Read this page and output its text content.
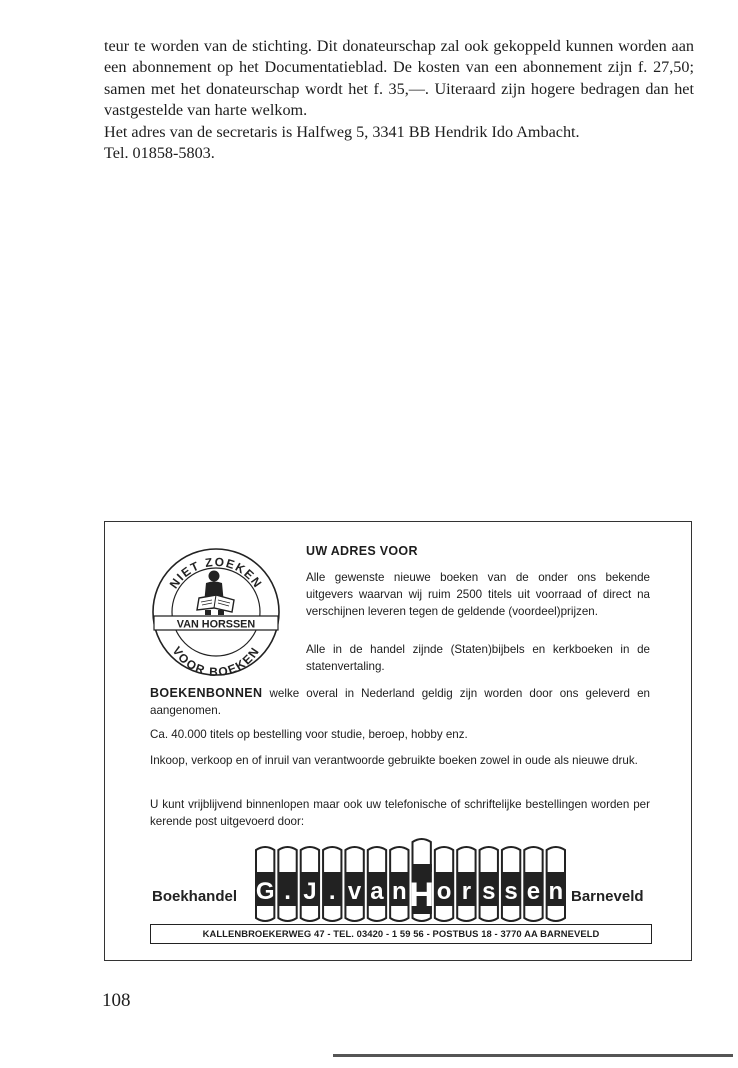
teur te worden van de stichting. Dit donateurschap zal ook gekoppeld kunnen worden aan een abonnement op het Documentatieblad. De kosten van een abonnement zijn f. 27,50; samen met het donateurschap wordt het f. 35,—. Uiteraard zijn hogere bedragen dan het vastgestelde van harte welkom.

Het adres van de secretaris is Halfweg 5, 3341 BB Hendrik Ido Ambacht.

Tel. 01858-5803.

NIET ZOEKEN
VOOR BOEKEN
VAN HORSSEN

UW ADRES VOOR

Alle gewenste nieuwe boeken van de onder ons bekende uitgevers waarvan wij ruim 2500 titels uit voorraad of direct na verschijnen leveren tegen de geldende (voordeel)prijzen.

Alle in de handel zijnde (Staten)bijbels en kerkboeken in de statenvertaling.

BOEKENBONNEN welke overal in Nederland geldig zijn worden door ons geleverd en aangenomen.

Ca. 40.000 titels op bestelling voor studie, beroep, hobby enz.

Inkoop, verkoop en of inruil van verantwoorde gebruikte boeken zowel in oude als nieuwe druk.

U kunt vrijblijvend binnenlopen maar ook uw telefonische of schriftelijke bestellingen worden per kerende post uitgevoerd door:

G . J . v a n H o r s s e n
Boekhandel	Barneveld

KALLENBROEKERWEG 47 - TEL. 03420 - 1 59 56 - POSTBUS 18 - 3770 AA BARNEVELD

108
